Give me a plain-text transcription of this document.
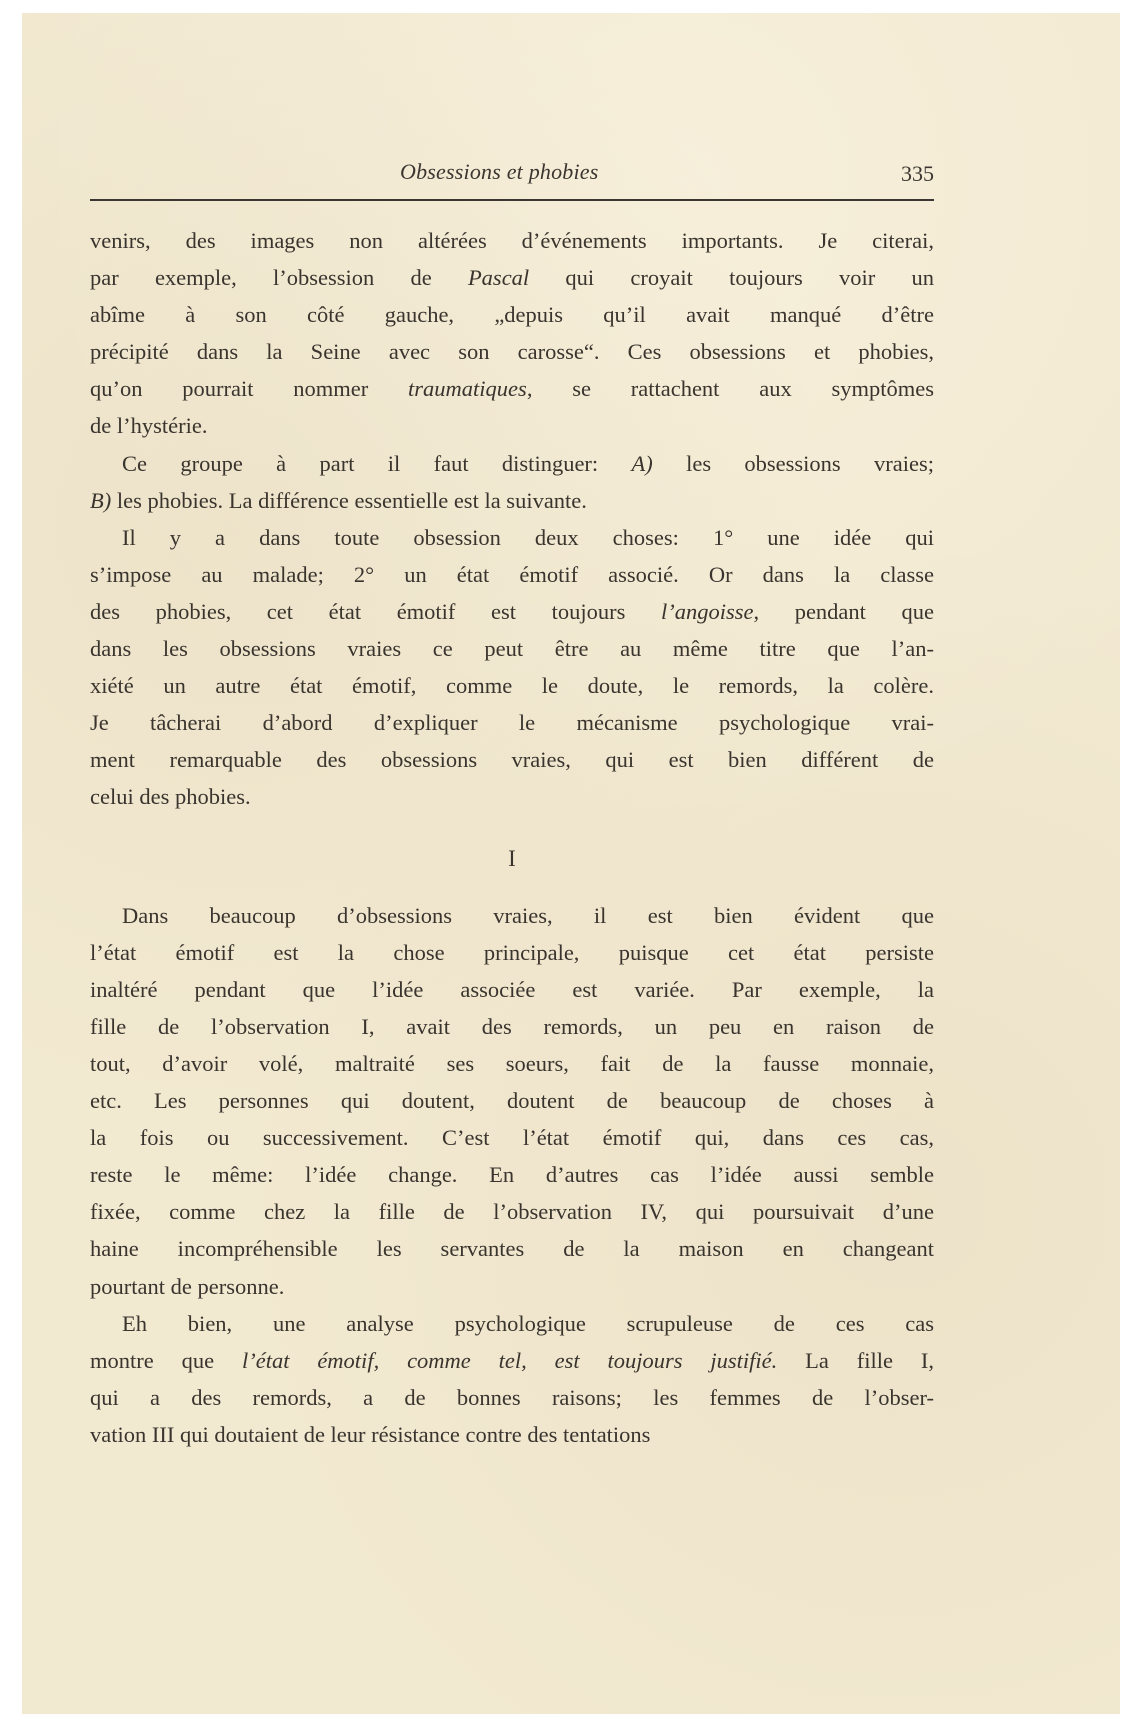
Obsessions et phobies	335
venirs, des images non altérées d’événements importants. Je citerai,
par exemple, l’obsession de Pascal qui croyait toujours voir un
abîme à son côté gauche, „depuis qu’il avait manqué d’être
précipité dans la Seine avec son carosse“. Ces obsessions et phobies,
qu’on pourrait nommer traumatiques, se rattachent aux symptômes
de l’hystérie.
Ce groupe à part il faut distinguer: A) les obsessions vraies;
B) les phobies. La différence essentielle est la suivante.
Il y a dans toute obsession deux choses: 1° une idée qui
s’impose au malade; 2° un état émotif associé. Or dans la classe
des phobies, cet état émotif est toujours l’angoisse, pendant que
dans les obsessions vraies ce peut être au même titre que l’an-
xiété un autre état émotif, comme le doute, le remords, la colère.
Je tâcherai d’abord d’expliquer le mécanisme psychologique vrai-
ment remarquable des obsessions vraies, qui est bien différent de
celui des phobies.
I
Dans beaucoup d’obsessions vraies, il est bien évident que
l’état émotif est la chose principale, puisque cet état persiste
inaltéré pendant que l’idée associée est variée. Par exemple, la
fille de l’observation I, avait des remords, un peu en raison de
tout, d’avoir volé, maltraité ses soeurs, fait de la fausse monnaie,
etc. Les personnes qui doutent, doutent de beaucoup de choses à
la fois ou successivement. C’est l’état émotif qui, dans ces cas,
reste le même: l’idée change. En d’autres cas l’idée aussi semble
fixée, comme chez la fille de l’observation IV, qui poursuivait d’une
haine incompréhensible les servantes de la maison en changeant
pourtant de personne.
Eh bien, une analyse psychologique scrupuleuse de ces cas
montre que l’état émotif, comme tel, est toujours justifié. La fille I,
qui a des remords, a de bonnes raisons; les femmes de l’obser-
vation III qui doutaient de leur résistance contre des tentations
